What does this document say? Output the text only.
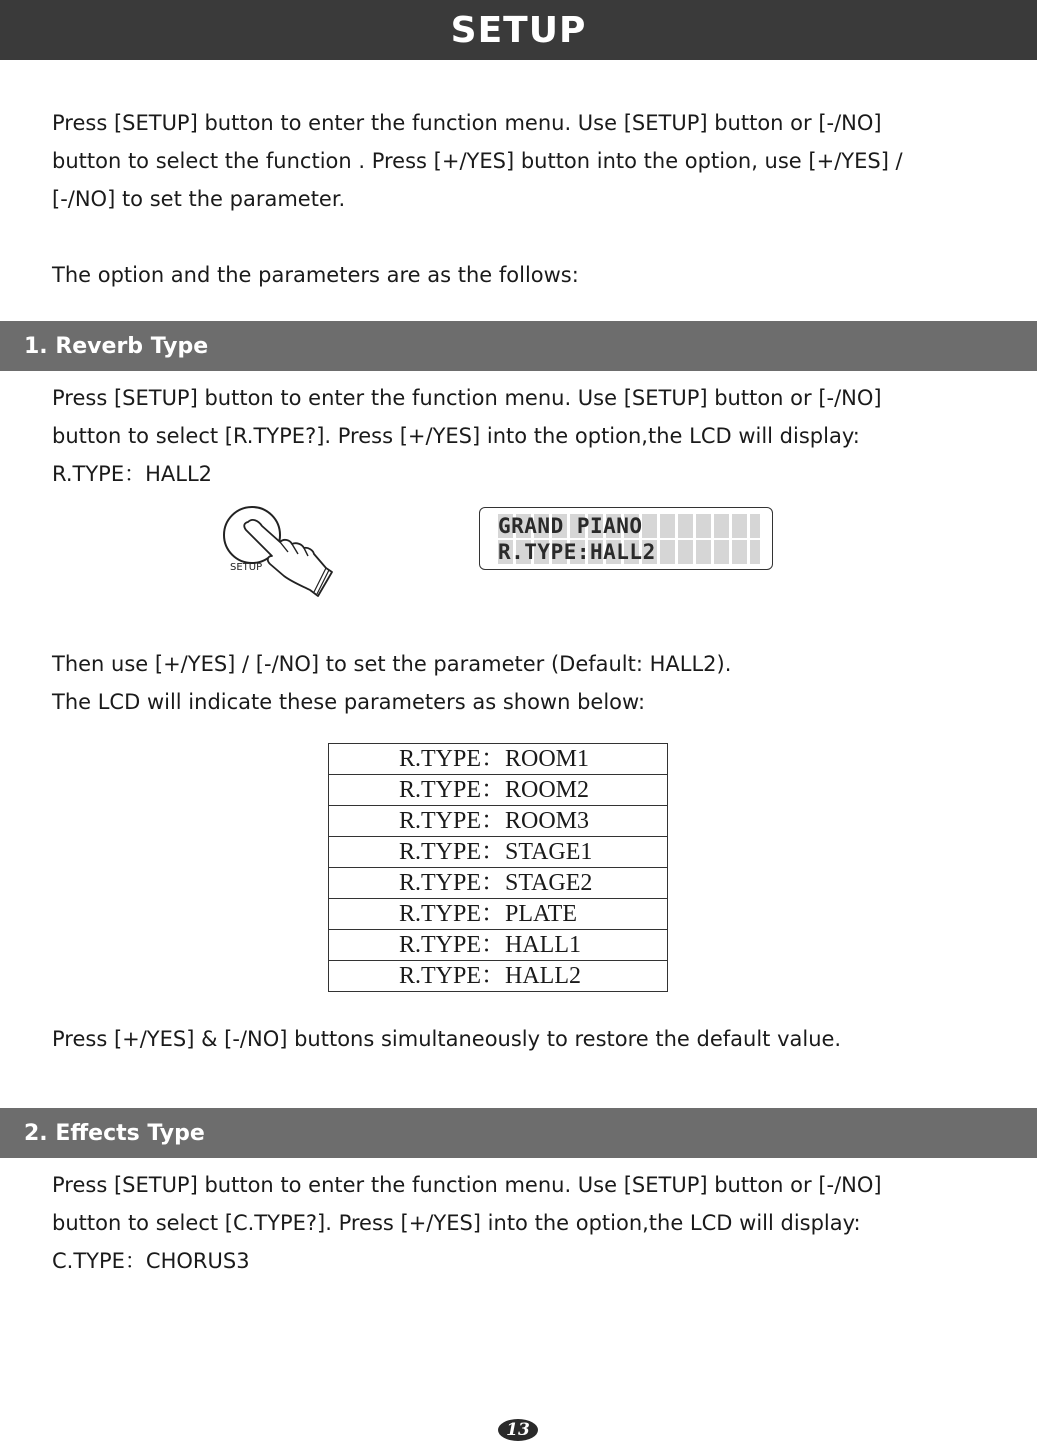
SETUP

Press [SETUP] button to enter the function menu. Use [SETUP] button or [-/NO]
button to select the function . Press [+/YES] button into the option, use [+/YES] /
[-/NO] to set the parameter.

The option and the parameters are as the follows:

1. Reverb Type

Press [SETUP] button to enter the function menu. Use [SETUP] button or [-/NO]
button to select [R.TYPE?]. Press [+/YES] into the option,the LCD will display:
R.TYPE：HALL2

SETUP
GRAND PIANO
R.TYPE:HALL2

Then use [+/YES] / [-/NO] to set the parameter (Default: HALL2).
The LCD will indicate these parameters as shown below:

R.TYPE：ROOM1
R.TYPE：ROOM2
R.TYPE：ROOM3
R.TYPE：STAGE1
R.TYPE：STAGE2
R.TYPE：PLATE
R.TYPE：HALL1
R.TYPE：HALL2

Press [+/YES] & [-/NO] buttons simultaneously to restore the default value.

2. Effects Type

Press [SETUP] button to enter the function menu. Use [SETUP] button or [-/NO]
button to select [C.TYPE?]. Press [+/YES] into the option,the LCD will display:
C.TYPE：CHORUS3

13
